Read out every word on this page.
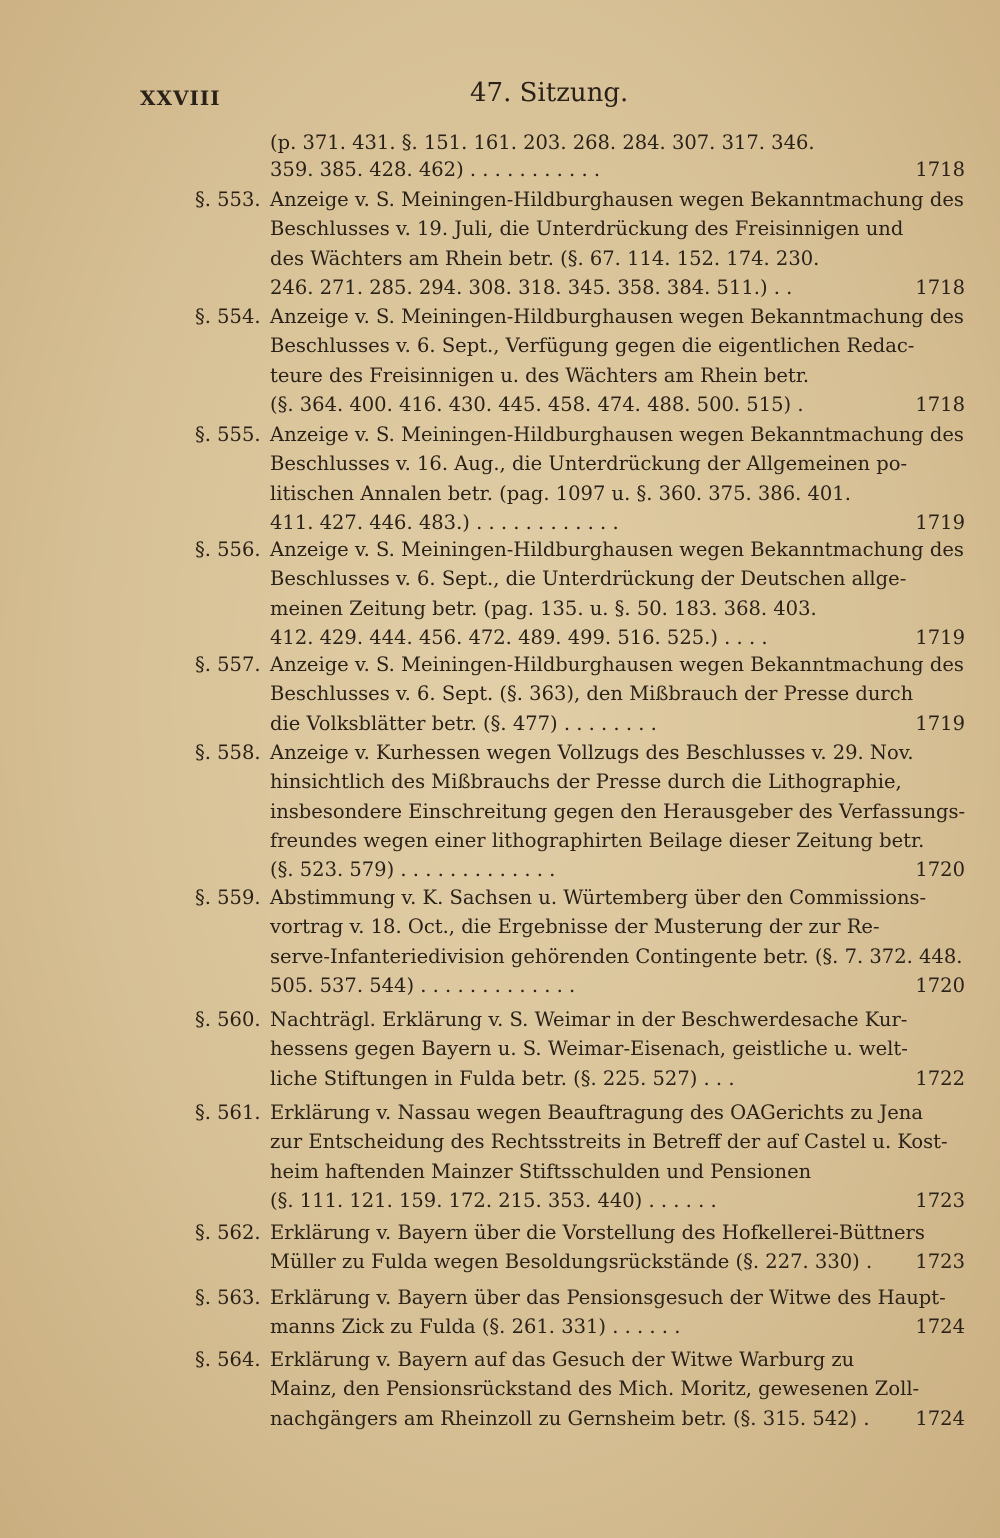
XXVIII	47. Sitzung.
(p. 371. 431. §. 151. 161. 203. 268. 284. 307. 317. 346.
359. 385. 428. 462) . . . . . . . . . . .	1718
§. 553. Anzeige v. S. Meiningen-Hildburghausen wegen Bekanntmachung des
Beschlusses v. 19. Juli, die Unterdrückung des Freisinnigen und
des Wächters am Rhein betr. (§. 67. 114. 152. 174. 230.
246. 271. 285. 294. 308. 318. 345. 358. 384. 511.) . .	1718
§. 554. Anzeige v. S. Meiningen-Hildburghausen wegen Bekanntmachung des
Beschlusses v. 6. Sept., Verfügung gegen die eigentlichen Redac-
teure des Freisinnigen u. des Wächters am Rhein betr.
(§. 364. 400. 416. 430. 445. 458. 474. 488. 500. 515) .	1718
§. 555. Anzeige v. S. Meiningen-Hildburghausen wegen Bekanntmachung des
Beschlusses v. 16. Aug., die Unterdrückung der Allgemeinen po-
litischen Annalen betr. (pag. 1097 u. §. 360. 375. 386. 401.
411. 427. 446. 483.) . . . . . . . . . . . .	1719
§. 556. Anzeige v. S. Meiningen-Hildburghausen wegen Bekanntmachung des
Beschlusses v. 6. Sept., die Unterdrückung der Deutschen allge-
meinen Zeitung betr. (pag. 135. u. §. 50. 183. 368. 403.
412. 429. 444. 456. 472. 489. 499. 516. 525.) . . . .	1719
§. 557. Anzeige v. S. Meiningen-Hildburghausen wegen Bekanntmachung des
Beschlusses v. 6. Sept. (§. 363), den Mißbrauch der Presse durch
die Volksblätter betr. (§. 477) . . . . . . . .	1719
§. 558. Anzeige v. Kurhessen wegen Vollzugs des Beschlusses v. 29. Nov.
hinsichtlich des Mißbrauchs der Presse durch die Lithographie,
insbesondere Einschreitung gegen den Herausgeber des Verfassungs-
freundes wegen einer lithographirten Beilage dieser Zeitung betr.
(§. 523. 579) . . . . . . . . . . . . .	1720
§. 559. Abstimmung v. K. Sachsen u. Würtemberg über den Commissions-
vortrag v. 18. Oct., die Ergebnisse der Musterung der zur Re-
serve-Infanteriedivision gehörenden Contingente betr. (§. 7. 372. 448.
505. 537. 544) . . . . . . . . . . . . .	1720
§. 560. Nachträgl. Erklärung v. S. Weimar in der Beschwerdesache Kur-
hessens gegen Bayern u. S. Weimar-Eisenach, geistliche u. welt-
liche Stiftungen in Fulda betr. (§. 225. 527) . . .	1722
§. 561. Erklärung v. Nassau wegen Beauftragung des OAGerichts zu Jena
zur Entscheidung des Rechtsstreits in Betreff der auf Castel u. Kost-
heim haftenden Mainzer Stiftsschulden und Pensionen
(§. 111. 121. 159. 172. 215. 353. 440) . . . . . .	1723
§. 562. Erklärung v. Bayern über die Vorstellung des Hofkellerei-Büttners
Müller zu Fulda wegen Besoldungsrückstände (§. 227. 330) .	1723
§. 563. Erklärung v. Bayern über das Pensionsgesuch der Witwe des Haupt-
manns Zick zu Fulda (§. 261. 331) . . . . . .	1724
§. 564. Erklärung v. Bayern auf das Gesuch der Witwe Warburg zu
Mainz, den Pensionsrückstand des Mich. Moritz, gewesenen Zoll-
nachgängers am Rheinzoll zu Gernsheim betr. (§. 315. 542) .	1724
